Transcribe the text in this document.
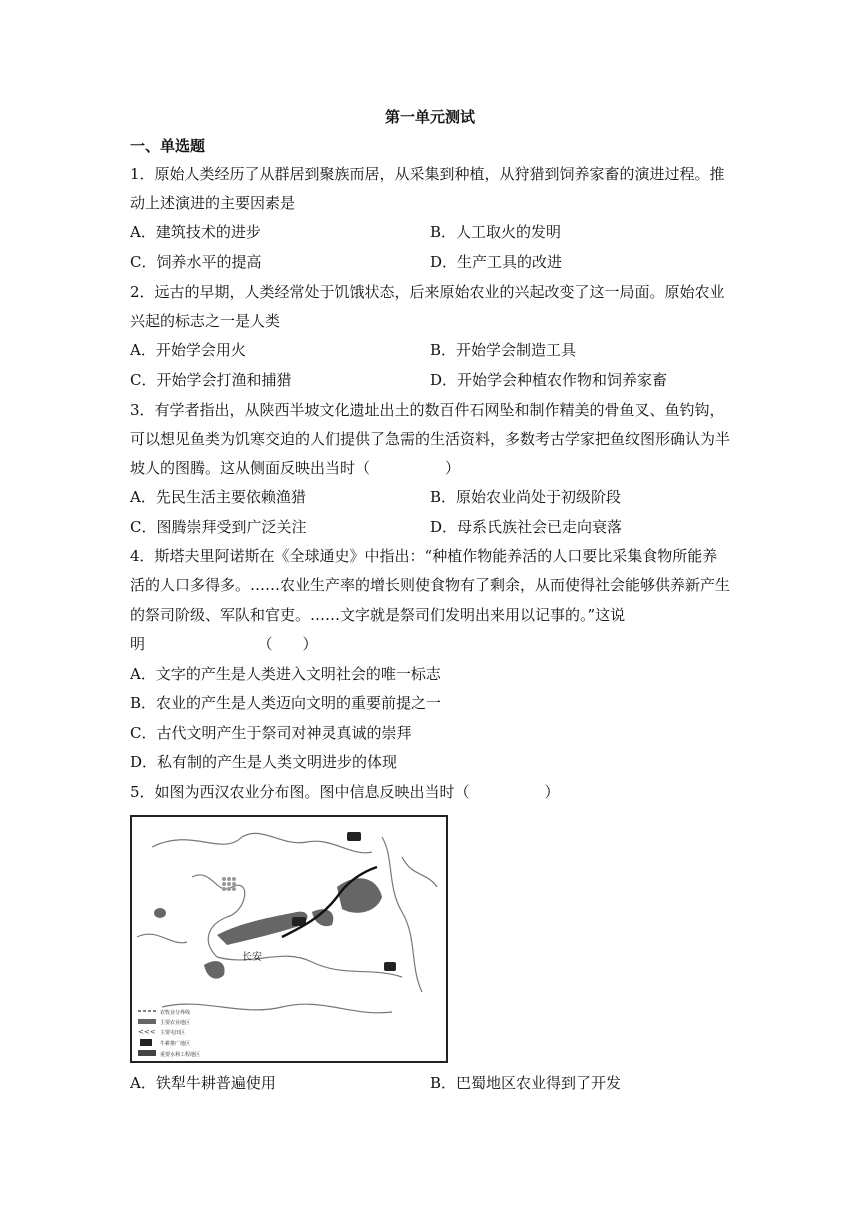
第一单元测试
一、单选题
1．原始人类经历了从群居到聚族而居，从采集到种植，从狩猎到饲养家畜的演进过程。推
动上述演进的主要因素是
A．建筑技术的进步	B．人工取火的发明
C．饲养水平的提高	D．生产工具的改进
2．远古的早期，人类经常处于饥饿状态，后来原始农业的兴起改变了这一局面。原始农业
兴起的标志之一是人类
A．开始学会用火	B．开始学会制造工具
C．开始学会打渔和捕猎	D．开始学会种植农作物和饲养家畜
3．有学者指出，从陕西半坡文化遗址出土的数百件石网坠和制作精美的骨鱼叉、鱼钓钩，
可以想见鱼类为饥寒交迫的人们提供了急需的生活资料，多数考古学家把鱼纹图形确认为半
坡人的图腾。这从侧面反映出当时（　　　　　）
A．先民生活主要依赖渔猎	B．原始农业尚处于初级阶段
C．图腾崇拜受到广泛关注	D．母系氏族社会已走向衰落
4．斯塔夫里阿诺斯在《全球通史》中指出：“种植作物能养活的人口要比采集食物所能养
活的人口多得多。……农业生产率的增长则使食物有了剩余，从而使得社会能够供养新产生
的祭司阶级、军队和官吏。……文字就是祭司们发明出来用以记事的。”这说
明　　　　　　　　（　　）
A．文字的产生是人类进入文明社会的唯一标志
B．农业的产生是人类迈向文明的重要前提之一
C．古代文明产生于祭司对神灵真诚的崇拜
D．私有制的产生是人类文明进步的体现
5．如图为西汉农业分布图。图中信息反映出当时（　　　　　）
长安
<<<
农牧业分界线
主要农业地区
主要屯田区
牛耕推广地区
重要水利工程地区
A．铁犁牛耕普遍使用	B．巴蜀地区农业得到了开发
